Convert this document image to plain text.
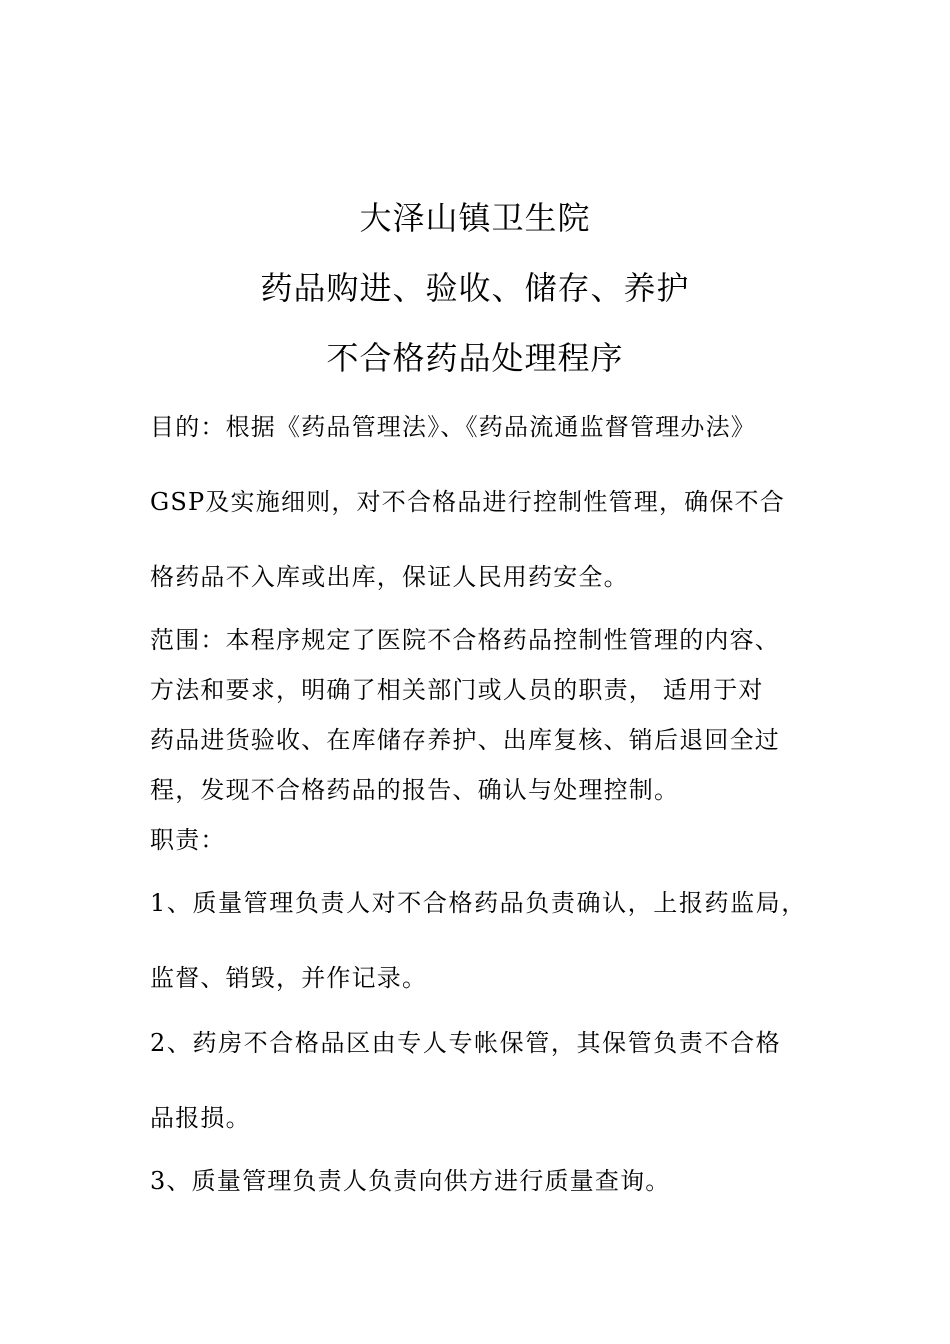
大泽山镇卫生院
药品购进、验收、储存、养护
不合格药品处理程序
目的：根据《药品管理法》、《药品流通监督管理办法》
GSP及实施细则，对不合格品进行控制性管理，确保不合
格药品不入库或出库，保证人民用药安全。
范围：本程序规定了医院不合格药品控制性管理的内容、
方法和要求，明确了相关部门或人员的职责， 适用于对
药品进货验收、在库储存养护、出库复核、销后退回全过
程，发现不合格药品的报告、确认与处理控制。
职责：
1、质量管理负责人对不合格药品负责确认，上报药监局，
监督、销毁，并作记录。
2、药房不合格品区由专人专帐保管，其保管负责不合格
品报损。
3、质量管理负责人负责向供方进行质量查询。
